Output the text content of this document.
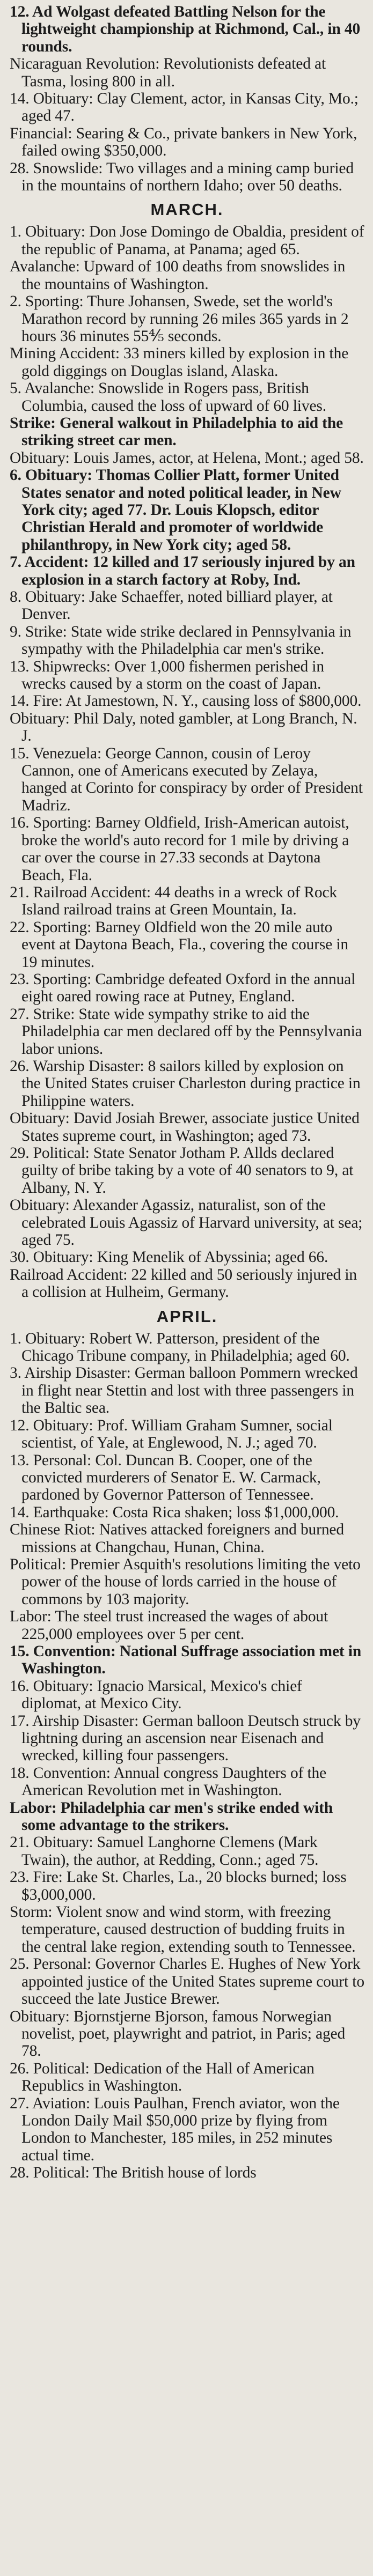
12. Ad Wolgast defeated Battling Nelson for the lightweight championship at Richmond, Cal., in 40 rounds.

Nicaraguan Revolution: Revolutionists defeated at Tasma, losing 800 in all.

14. Obituary: Clay Clement, actor, in Kansas City, Mo.; aged 47.

Financial: Searing & Co., private bankers in New York, failed owing $350,000.

28. Snowslide: Two villages and a mining camp buried in the mountains of northern Idaho; over 50 deaths.

MARCH.

1. Obituary: Don Jose Domingo de Obaldia, president of the republic of Panama, at Panama; aged 65.

Avalanche: Upward of 100 deaths from snowslides in the mountains of Washington.

2. Sporting: Thure Johansen, Swede, set the world's Marathon record by running 26 miles 365 yards in 2 hours 36 minutes 55⅘ seconds.

Mining Accident: 33 miners killed by explosion in the gold diggings on Douglas island, Alaska.

5. Avalanche: Snowslide in Rogers pass, British Columbia, caused the loss of upward of 60 lives.

Strike: General walkout in Philadelphia to aid the striking street car men.

Obituary: Louis James, actor, at Helena, Mont.; aged 58.

6. Obituary: Thomas Collier Platt, former United States senator and noted political leader, in New York city; aged 77. Dr. Louis Klopsch, editor Christian Herald and promoter of worldwide philanthropy, in New York city; aged 58.

7. Accident: 12 killed and 17 seriously injured by an explosion in a starch factory at Roby, Ind.

8. Obituary: Jake Schaeffer, noted billiard player, at Denver.

9. Strike: State wide strike declared in Pennsylvania in sympathy with the Philadelphia car men's strike.

13. Shipwrecks: Over 1,000 fishermen perished in wrecks caused by a storm on the coast of Japan.

14. Fire: At Jamestown, N. Y., causing loss of $800,000.

Obituary: Phil Daly, noted gambler, at Long Branch, N. J.

15. Venezuela: George Cannon, cousin of Leroy Cannon, one of Americans executed by Zelaya, hanged at Corinto for conspiracy by order of President Madriz.

16. Sporting: Barney Oldfield, Irish-American autoist, broke the world's auto record for 1 mile by driving a car over the course in 27.33 seconds at Daytona Beach, Fla.

21. Railroad Accident: 44 deaths in a wreck of Rock Island railroad trains at Green Mountain, Ia.

22. Sporting: Barney Oldfield won the 20 mile auto event at Daytona Beach, Fla., covering the course in 19 minutes.

23. Sporting: Cambridge defeated Oxford in the annual eight oared rowing race at Putney, England.

27. Strike: State wide sympathy strike to aid the Philadelphia car men declared off by the Pennsylvania labor unions.

26. Warship Disaster: 8 sailors killed by explosion on the United States cruiser Charleston during practice in Philippine waters.

Obituary: David Josiah Brewer, associate justice United States supreme court, in Washington; aged 73.

29. Political: State Senator Jotham P. Allds declared guilty of bribe taking by a vote of 40 senators to 9, at Albany, N. Y.

Obituary: Alexander Agassiz, naturalist, son of the celebrated Louis Agassiz of Harvard university, at sea; aged 75.

30. Obituary: King Menelik of Abyssinia; aged 66.

Railroad Accident: 22 killed and 50 seriously injured in a collision at Hulheim, Germany.

APRIL.

1. Obituary: Robert W. Patterson, president of the Chicago Tribune company, in Philadelphia; aged 60.

3. Airship Disaster: German balloon Pommern wrecked in flight near Stettin and lost with three passengers in the Baltic sea.

12. Obituary: Prof. William Graham Sumner, social scientist, of Yale, at Englewood, N. J.; aged 70.

13. Personal: Col. Duncan B. Cooper, one of the convicted murderers of Senator E. W. Carmack, pardoned by Governor Patterson of Tennessee.

14. Earthquake: Costa Rica shaken; loss $1,000,000.

Chinese Riot: Natives attacked foreigners and burned missions at Changchau, Hunan, China.

Political: Premier Asquith's resolutions limiting the veto power of the house of lords carried in the house of commons by 103 majority.

Labor: The steel trust increased the wages of about 225,000 employees over 5 per cent.

15. Convention: National Suffrage association met in Washington.

16. Obituary: Ignacio Marsical, Mexico's chief diplomat, at Mexico City.

17. Airship Disaster: German balloon Deutsch struck by lightning during an ascension near Eisenach and wrecked, killing four passengers.

18. Convention: Annual congress Daughters of the American Revolution met in Washington.

Labor: Philadelphia car men's strike ended with some advantage to the strikers.

21. Obituary: Samuel Langhorne Clemens (Mark Twain), the author, at Redding, Conn.; aged 75.

23. Fire: Lake St. Charles, La., 20 blocks burned; loss $3,000,000.

Storm: Violent snow and wind storm, with freezing temperature, caused destruction of budding fruits in the central lake region, extending south to Tennessee.

25. Personal: Governor Charles E. Hughes of New York appointed justice of the United States supreme court to succeed the late Justice Brewer.

Obituary: Bjornstjerne Bjorson, famous Norwegian novelist, poet, playwright and patriot, in Paris; aged 78.

26. Political: Dedication of the Hall of American Republics in Washington.

27. Aviation: Louis Paulhan, French aviator, won the London Daily Mail $50,000 prize by flying from London to Manchester, 185 miles, in 252 minutes actual time.

28. Political: The British house of lords
